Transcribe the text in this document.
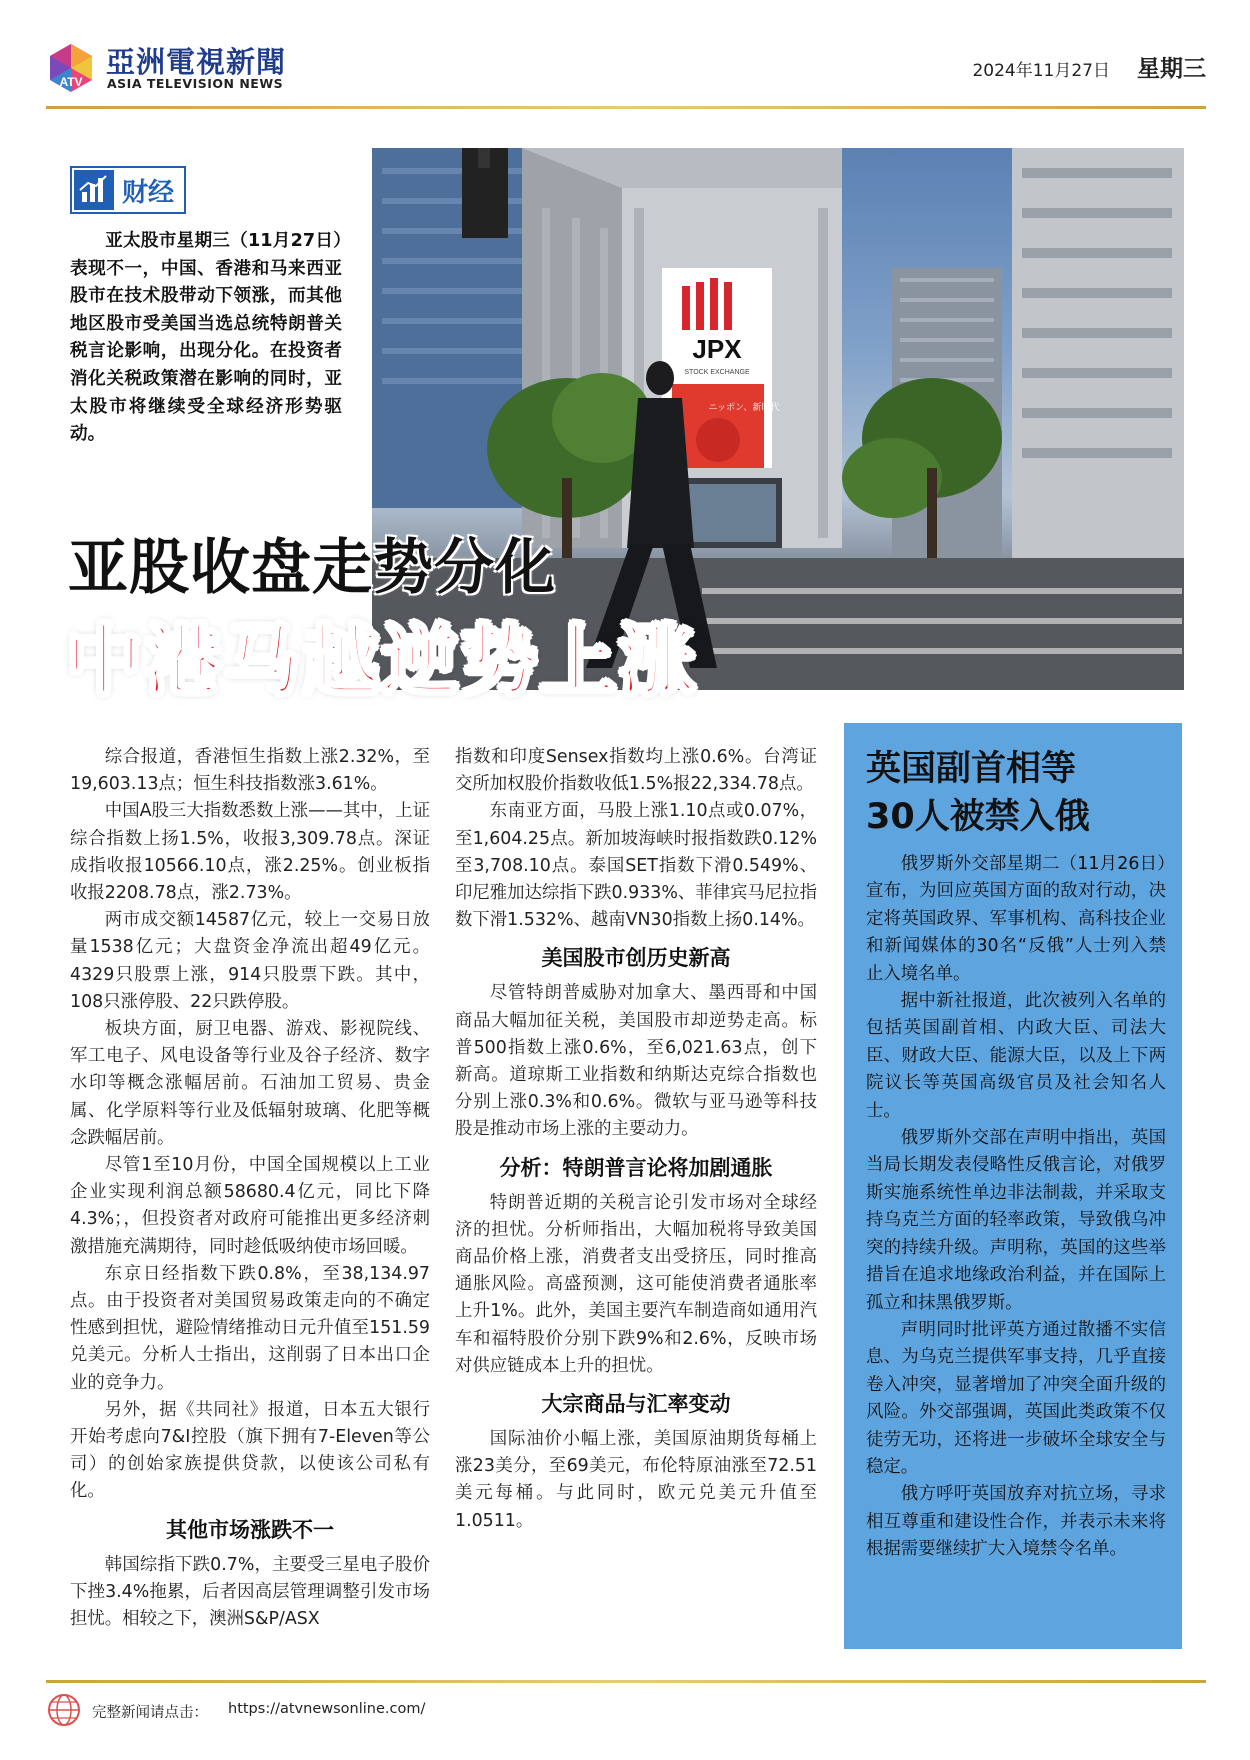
ATV
亞洲電視新聞
ASIA TELEVISION NEWS
2024年11月27日 星期三
JPX
STOCK EXCHANGE
ニッポン、新時代
财经
亚太股市星期三（11月27日）表现不一，中国、香港和马来西亚股市在技术股带动下领涨，而其他地区股市受美国当选总统特朗普关税言论影响，出现分化。在投资者消化关税政策潜在影响的同时，亚太股市将继续受全球经济形势驱动。
亚股收盘走势分化
中港马越逆势上涨

综合报道，香港恒生指数上涨2.32%，至19,603.13点；恒生科技指数涨3.61%。

中国A股三大指数悉数上涨——其中，上证综合指数上扬1.5%，收报3,309.78点。深证成指收报10566.10点，涨2.25%。创业板指收报2208.78点，涨2.73%。

两市成交额14587亿元，较上一交易日放量1538亿元；大盘资金净流出超49亿元。4329只股票上涨，914只股票下跌。其中，108只涨停股、22只跌停股。

板块方面，厨卫电器、游戏、影视院线、军工电子、风电设备等行业及谷子经济、数字水印等概念涨幅居前。石油加工贸易、贵金属、化学原料等行业及低辐射玻璃、化肥等概念跌幅居前。

尽管1至10月份，中国全国规模以上工业企业实现利润总额58680.4亿元，同比下降4.3%；，但投资者对政府可能推出更多经济刺激措施充满期待，同时趁低吸纳使市场回暖。

东京日经指数下跌0.8%，至38,134.97点。由于投资者对美国贸易政策走向的不确定性感到担忧，避险情绪推动日元升值至151.59兑美元。分析人士指出，这削弱了日本出口企业的竞争力。

另外，据《共同社》报道，日本五大银行开始考虑向7&I控股（旗下拥有7-Eleven等公司）的创始家族提供贷款，以使该公司私有化。

其他市场涨跌不一

韩国综指下跌0.7%，主要受三星电子股价下挫3.4%拖累，后者因高层管理调整引发市场担忧。相较之下，澳洲S&P/ASX

指数和印度Sensex指数均上涨0.6%。台湾证交所加权股价指数收低1.5%报22,334.78点。

东南亚方面，马股上涨1.10点或0.07%，至1,604.25点。新加坡海峡时报指数跌0.12%至3,708.10点。泰国SET指数下滑0.549%、印尼雅加达综指下跌0.933%、菲律宾马尼拉指数下滑1.532%、越南VN30指数上扬0.14%。

美国股市创历史新高

尽管特朗普威胁对加拿大、墨西哥和中国商品大幅加征关税，美国股市却逆势走高。标普500指数上涨0.6%，至6,021.63点，创下新高。道琼斯工业指数和纳斯达克综合指数也分别上涨0.3%和0.6%。微软与亚马逊等科技股是推动市场上涨的主要动力。

分析：特朗普言论将加剧通胀

特朗普近期的关税言论引发市场对全球经济的担忧。分析师指出，大幅加税将导致美国商品价格上涨，消费者支出受挤压，同时推高通胀风险。高盛预测，这可能使消费者通胀率上升1%。此外，美国主要汽车制造商如通用汽车和福特股价分别下跌9%和2.6%，反映市场对供应链成本上升的担忧。

大宗商品与汇率变动

国际油价小幅上涨，美国原油期货每桶上涨23美分，至69美元，布伦特原油涨至72.51美元每桶。与此同时，欧元兑美元升值至1.0511。

英国副首相等
30人被禁入俄

俄罗斯外交部星期二（11月26日）宣布，为回应英国方面的敌对行动，决定将英国政界、军事机构、高科技企业和新闻媒体的30名“反俄”人士列入禁止入境名单。

据中新社报道，此次被列入名单的包括英国副首相、内政大臣、司法大臣、财政大臣、能源大臣，以及上下两院议长等英国高级官员及社会知名人士。

俄罗斯外交部在声明中指出，英国当局长期发表侵略性反俄言论，对俄罗斯实施系统性单边非法制裁，并采取支持乌克兰方面的轻率政策，导致俄乌冲突的持续升级。声明称，英国的这些举措旨在追求地缘政治利益，并在国际上孤立和抹黑俄罗斯。

声明同时批评英方通过散播不实信息、为乌克兰提供军事支持，几乎直接卷入冲突，显著增加了冲突全面升级的风险。外交部强调，英国此类政策不仅徒劳无功，还将进一步破坏全球安全与稳定。

俄方呼吁英国放弃对抗立场，寻求相互尊重和建设性合作，并表示未来将根据需要继续扩大入境禁令名单。

完整新闻请点击： https://atvnewsonline.com/
